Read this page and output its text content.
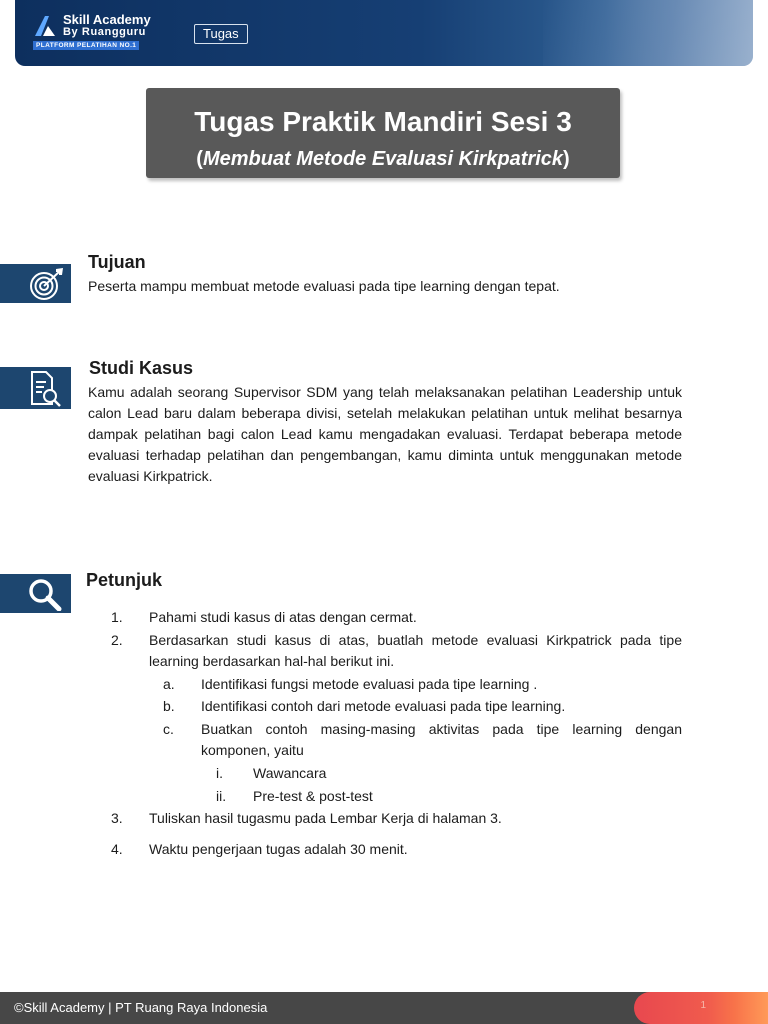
Skill Academy
By Ruangguru
PLATFORM PELATIHAN NO.1
Tugas
Tugas Praktik Mandiri Sesi 3
(Membuat Metode Evaluasi Kirkpatrick)
Tujuan
Peserta mampu membuat metode evaluasi pada tipe learning dengan tepat.
Studi Kasus
Kamu adalah seorang Supervisor SDM yang telah melaksanakan pelatihan Leadership untuk calon Lead baru dalam beberapa divisi, setelah melakukan pelatihan untuk melihat besarnya dampak pelatihan bagi calon Lead kamu mengadakan evaluasi. Terdapat beberapa metode evaluasi terhadap pelatihan dan pengembangan, kamu diminta untuk menggunakan metode evaluasi Kirkpatrick.
Petunjuk
1. Pahami studi kasus di atas dengan cermat.
2. Berdasarkan studi kasus di atas, buatlah metode evaluasi Kirkpatrick pada tipe learning berdasarkan hal-hal berikut ini.
a. Identifikasi fungsi metode evaluasi pada tipe learning .
b. Identifikasi contoh dari metode evaluasi pada tipe learning.
c. Buatkan contoh masing-masing aktivitas pada tipe learning dengan komponen, yaitu
i. Wawancara
ii. Pre-test & post-test
3. Tuliskan hasil tugasmu pada Lembar Kerja di halaman 3.
4. Waktu pengerjaan tugas adalah 30 menit.
©Skill Academy | PT Ruang Raya Indonesia	1
